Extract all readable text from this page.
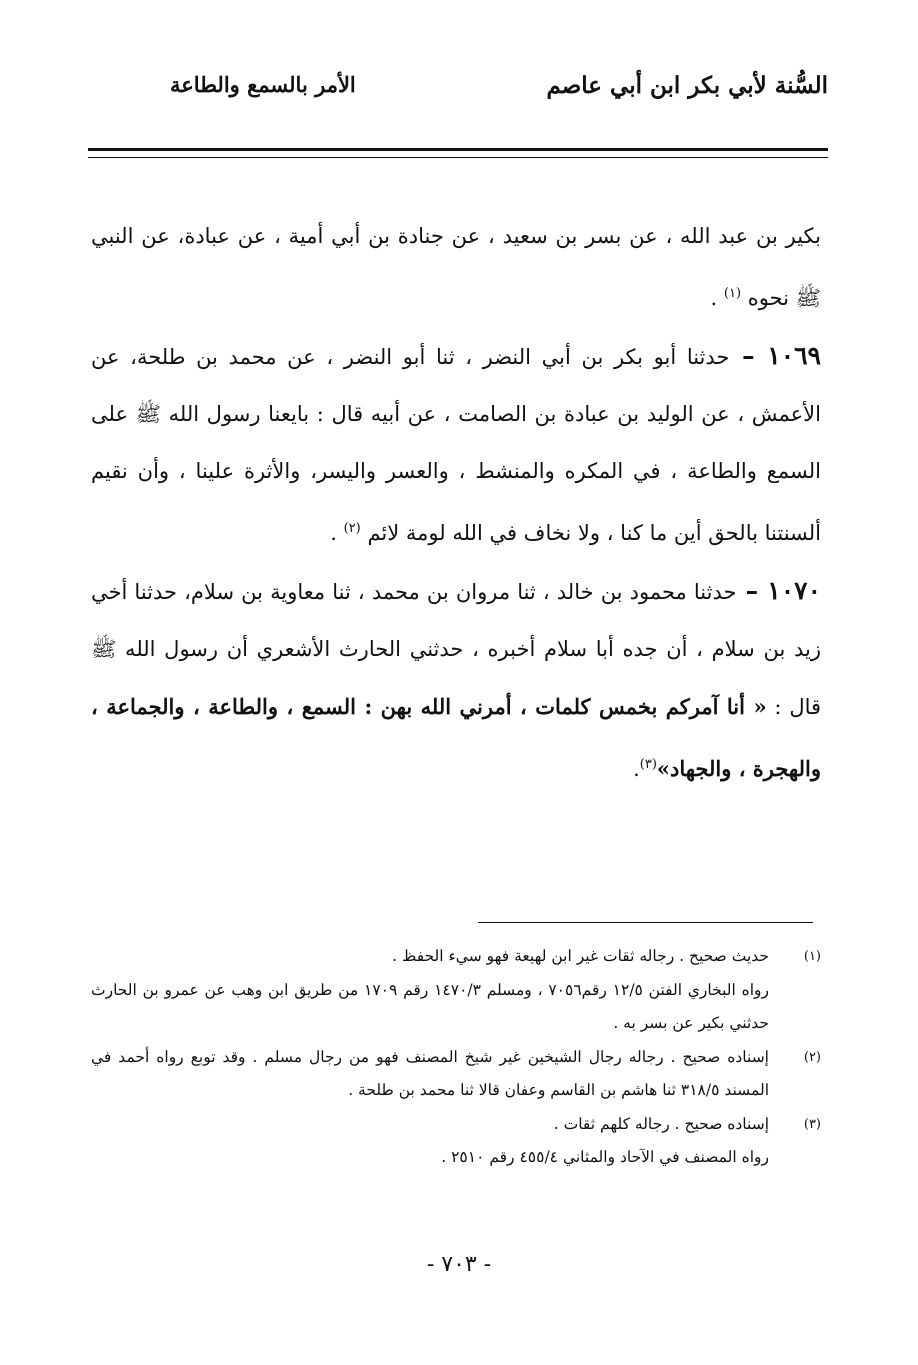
السُّنة لأبي بكر ابن أبي عاصم
الأمر بالسمع والطاعة

بكير بن عبد الله ، عن بسر بن سعيد ، عن جنادة بن أبي أمية ، عن عبادة، عن النبي ﷺ نحوه $^{(١)}$ .

١٠٦٩ – حدثنا أبو بكر بن أبي النضر ، ثنا أبو النضر ، عن محمد بن طلحة، عن الأعمش ، عن الوليد بن عبادة بن الصامت ، عن أبيه قال : بايعنا رسول الله ﷺ على السمع والطاعة ، في المكره والمنشط ، والعسر واليسر، والأثرة علينا ، وأن نقيم ألسنتنا بالحق أين ما كنا ، ولا نخاف في الله لومة لائم $^{(٢)}$ .

١٠٧٠ – حدثنا محمود بن خالد ، ثنا مروان بن محمد ، ثنا معاوية بن سلام، حدثنا أخي زيد بن سلام ، أن جده أبا سلام أخبره ، حدثني الحارث الأشعري أن رسول الله ﷺ قال : « أنا آمركم بخمس كلمات ، أمرني الله بهن : السمع ، والطاعة ، والجماعة ، والهجرة ، والجهاد»$^{(٣)}$.

(١)

حديث صحيح . رجاله ثقات غير ابن لهيعة فهو سيء الحفظ .

رواه البخاري الفتن ١٢/٥ رقم٧٠٥٦ ، ومسلم ١٤٧٠/٣ رقم ١٧٠٩ من طريق ابن وهب عن عمرو بن الحارث حدثني بكير عن بسر به .

(٢)

إسناده صحيح . رجاله رجال الشيخين غير شيخ المصنف فهو من رجال مسلم . وقد توبع رواه أحمد في المسند ٣١٨/٥ ثنا هاشم بن القاسم وعفان قالا ثنا محمد بن طلحة .

(٣)

إسناده صحيح . رجاله كلهم ثقات .

رواه المصنف في الآحاد والمثاني ٤٥٥/٤ رقم ٢٥١٠ .

- ٧٠٣ -
